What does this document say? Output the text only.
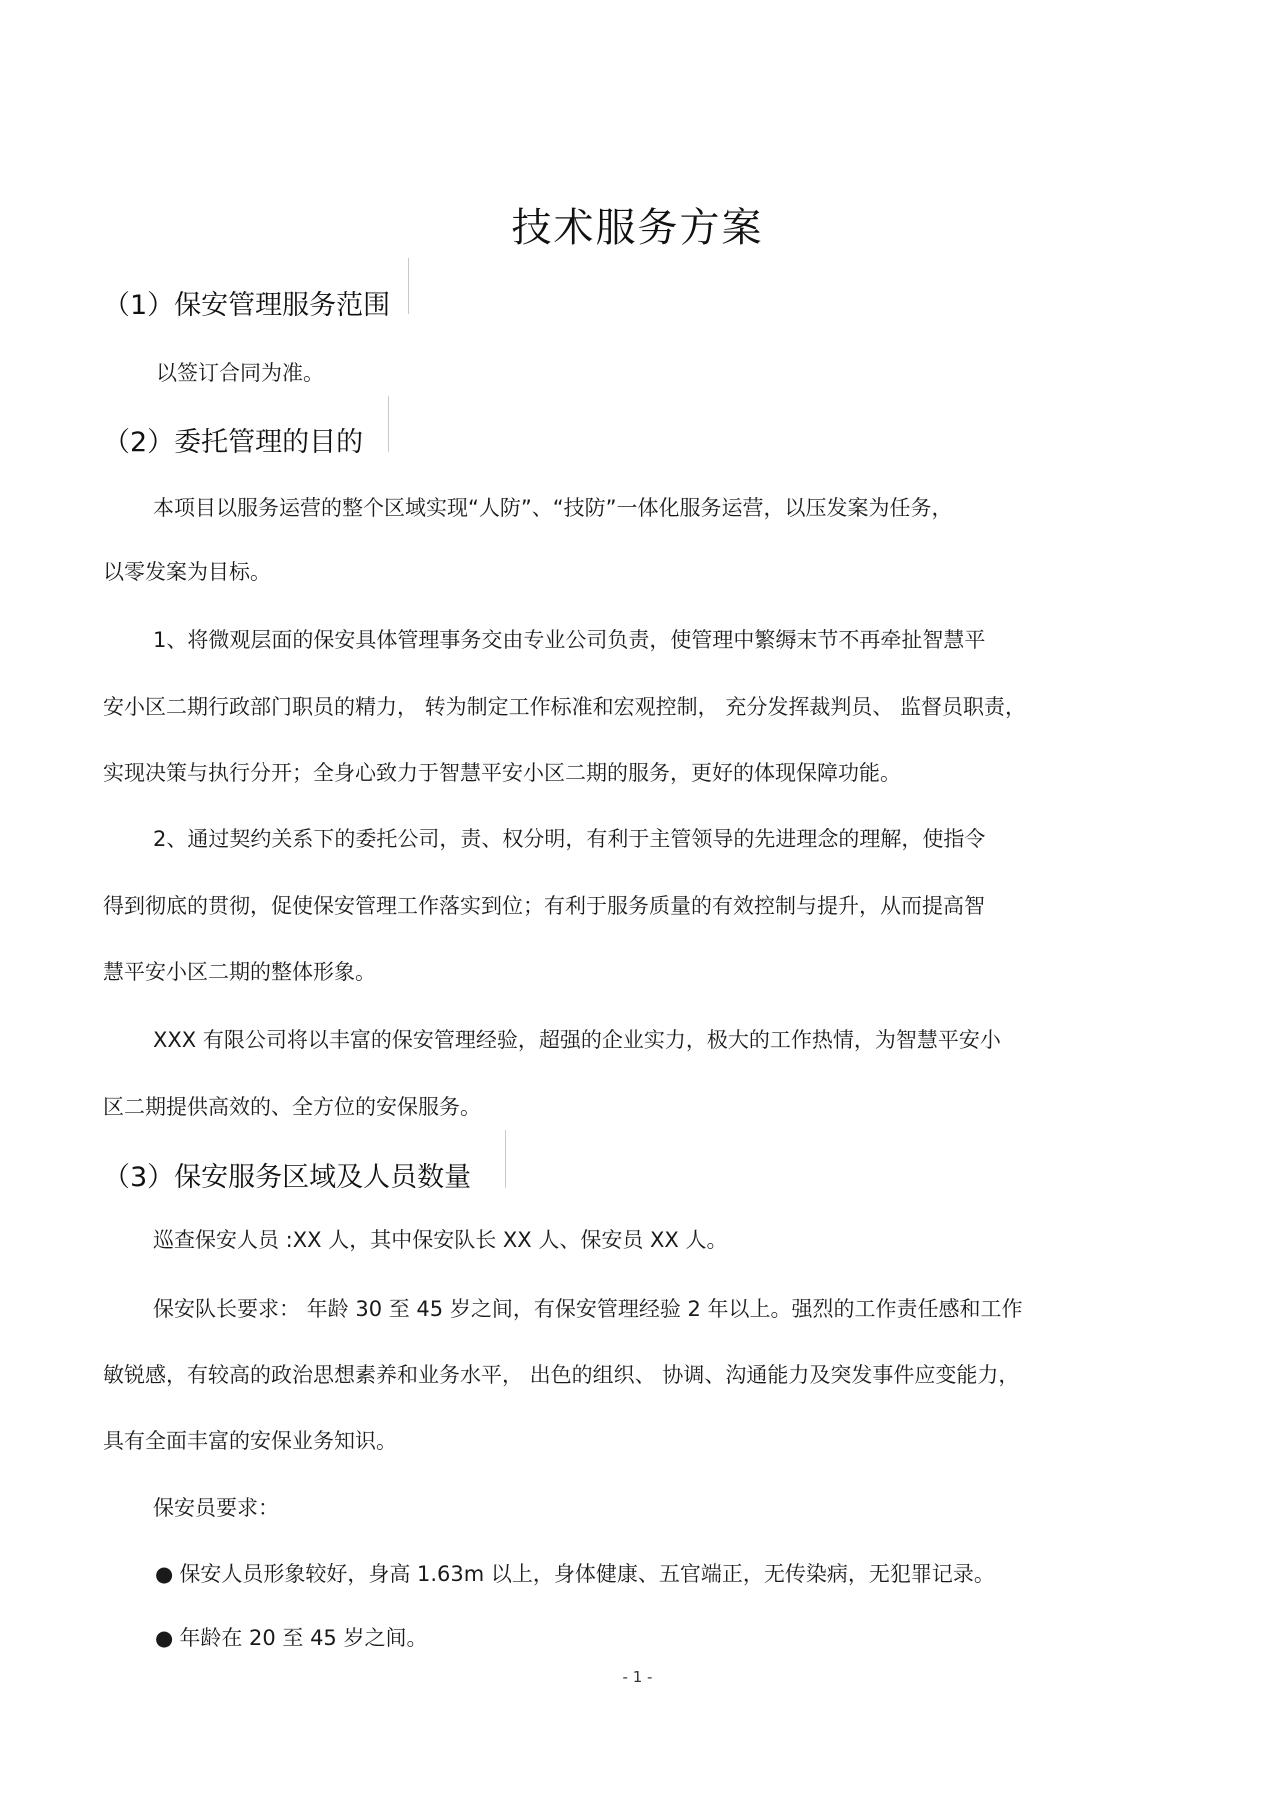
技术服务方案
（1）保安管理服务范围
以签订合同为准。
（2）委托管理的目的
本项目以服务运营的整个区域实现“人防”、“技防”一体化服务运营，以压发案为任务，
以零发案为目标。
1、将微观层面的保安具体管理事务交由专业公司负责，使管理中繁缛末节不再牵扯智慧平
安小区二期行政部门职员的精力， 转为制定工作标准和宏观控制， 充分发挥裁判员、 监督员职责，
实现决策与执行分开；全身心致力于智慧平安小区二期的服务，更好的体现保障功能。
2、通过契约关系下的委托公司，责、权分明，有利于主管领导的先进理念的理解，使指令
得到彻底的贯彻，促使保安管理工作落实到位；有利于服务质量的有效控制与提升，从而提高智
慧平安小区二期的整体形象。
XXX 有限公司将以丰富的保安管理经验，超强的企业实力，极大的工作热情，为智慧平安小
区二期提供高效的、全方位的安保服务。
（3）保安服务区域及人员数量
巡查保安人员 :XX 人，其中保安队长 XX 人、保安员 XX 人。
保安队长要求： 年龄 30 至 45 岁之间，有保安管理经验 2 年以上。强烈的工作责任感和工作
敏锐感，有较高的政治思想素养和业务水平， 出色的组织、 协调、沟通能力及突发事件应变能力，
具有全面丰富的安保业务知识。
保安员要求：
● 保安人员形象较好，身高 1.63m 以上，身体健康、五官端正，无传染病，无犯罪记录。
● 年龄在 20 至 45 岁之间。
- 1 -
